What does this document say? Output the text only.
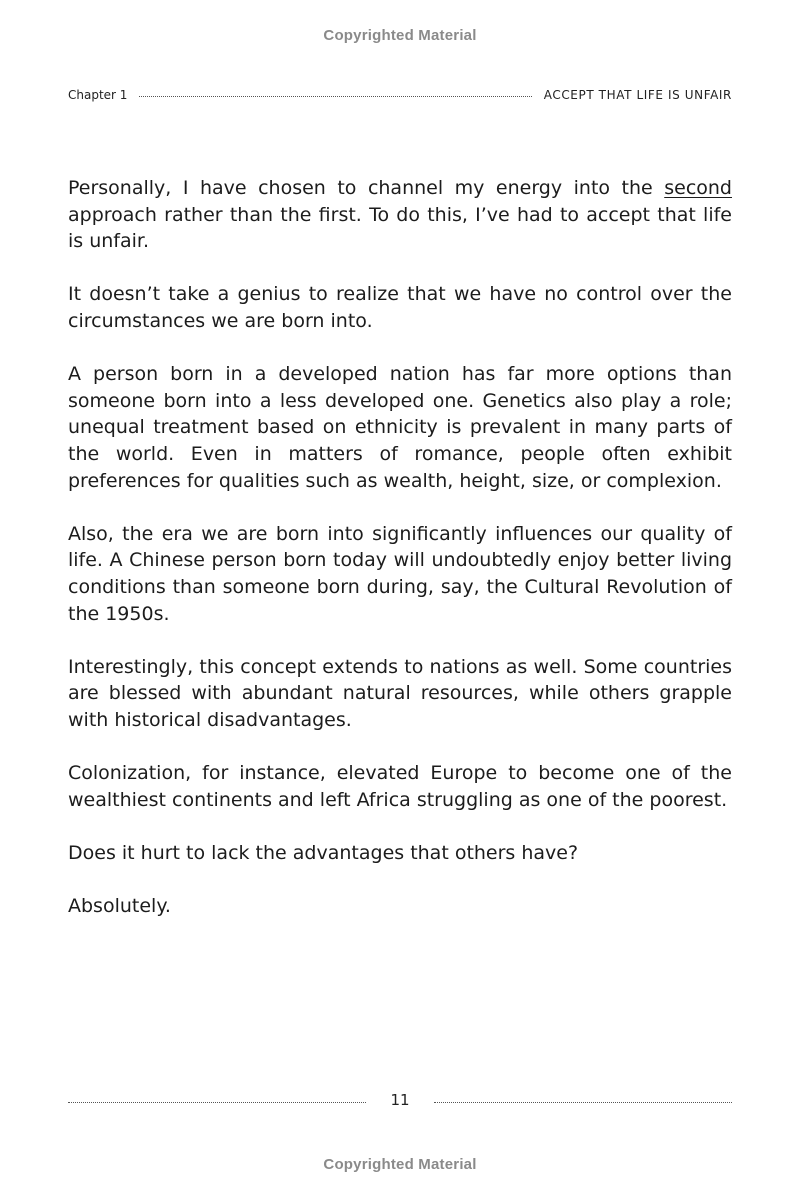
Copyrighted Material
Chapter 1	ACCEPT THAT LIFE IS UNFAIR

Personally, I have chosen to channel my energy into the second approach rather than the first. To do this, I’ve had to accept that life is unfair.

It doesn’t take a genius to realize that we have no control over the circumstances we are born into.

A person born in a developed nation has far more options than someone born into a less developed one. Genetics also play a role; unequal treatment based on ethnicity is prevalent in many parts of the world. Even in matters of romance, people often exhibit preferences for qualities such as wealth, height, size, or complexion.

Also, the era we are born into significantly influences our quality of life. A Chinese person born today will undoubtedly enjoy better living conditions than someone born during, say, the Cultural Revolution of the 1950s.

Interestingly, this concept extends to nations as well. Some countries are blessed with abundant natural resources, while others grapple with historical disadvantages.

Colonization, for instance, elevated Europe to become one of the wealthiest continents and left Africa struggling as one of the poorest.

Does it hurt to lack the advantages that others have?

Absolutely.

11
Copyrighted Material
